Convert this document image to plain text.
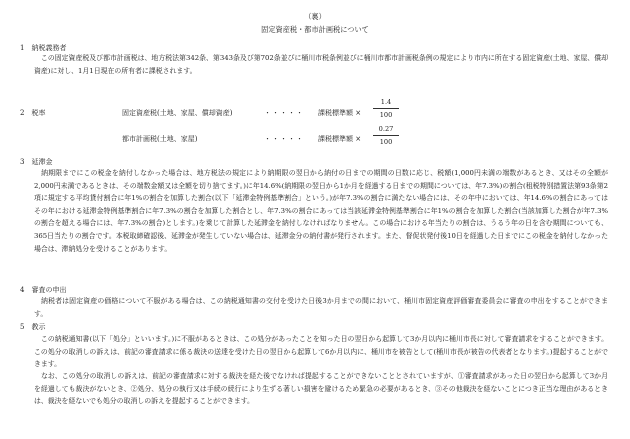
（裏）
固定資産税・都市計画税について
1　納税義務者
　この固定資産税及び都市計画税は、地方税法第342条、第343条及び第702条並びに桶川市税条例並びに桶川市都市計画税条例の規定により市内に所在する固定資産(土地、家屋、償却資産)に対し、1月1日現在の所有者に課税されます。
2　税率	固定資産税(土地、家屋、償却資産)	・・・・・ 課税標準額 × $\frac{1.4}{100}$
都市計画税(土地、家屋)	・・・・・ 課税標準額 × $\frac{0.27}{100}$
3　延滞金
　納期限までにこの税金を納付しなかった場合は、地方税法の規定により納期限の翌日から納付の日までの期間の日数に応じ、税額(1,000円未満の端数があるとき、又はその全額が2,000円未満であるときは、その端数金額又は全額を切り捨てます。)に年14.6%(納期限の翌日から1か月を経過する日までの期間については、年7.3%)の割合(租税特別措置法第93条第2項に規定する平均貸付割合に年1%の割合を加算した割合(以下「延滞金特例基準割合」という。)が年7.3%の割合に満たない場合には、その年中においては、年14.6%の割合にあってはその年における延滞金特例基準割合に年7.3%の割合を加算した割合とし、年7.3%の割合にあっては当該延滞金特例基準割合に年1%の割合を加算した割合(当該加算した割合が年7.3%の割合を超える場合には、年7.3%の割合)とします。)を乗じて計算した延滞金を納付しなければなりません。この場合における年当たりの割合は、うるう年の日を含む期間についても、365日当たりの割合です。本税取締確認後、延滞金が発生していない場合は、延滞金分の納付書が発行されます。また、督促状発付後10日を経過した日までにこの税金を納付しなかった場合は、滞納処分を受けることがあります。
4　審査の申出
　納税者は固定資産の価格について不服がある場合は、この納税通知書の交付を受けた日後3か月までの間において、桶川市固定資産評価審査委員会に審査の申出をすることができます。
5　教示
　この納税通知書(以下「処分」といいます。)に不服があるときは、この処分があったことを知った日の翌日から起算して3か月以内に桶川市長に対して審査請求をすることができます。この処分の取消しの訴えは、前記の審査請求に係る裁決の送達を受けた日の翌日から起算して6か月以内に、桶川市を被告として(桶川市長が被告の代表者となります。)提起することができます。
　なお、この処分の取消しの訴えは、前記の審査請求に対する裁決を経た後でなければ提起することができないこととされていますが、①審査請求があった日の翌日から起算して3か月を経過しても裁決がないとき、②処分、処分の執行又は手続の続行により生ずる著しい損害を避けるため緊急の必要があるとき、③その他裁決を経ないことにつき正当な理由があるときは、裁決を経ないでも処分の取消しの訴えを提起することができます。
